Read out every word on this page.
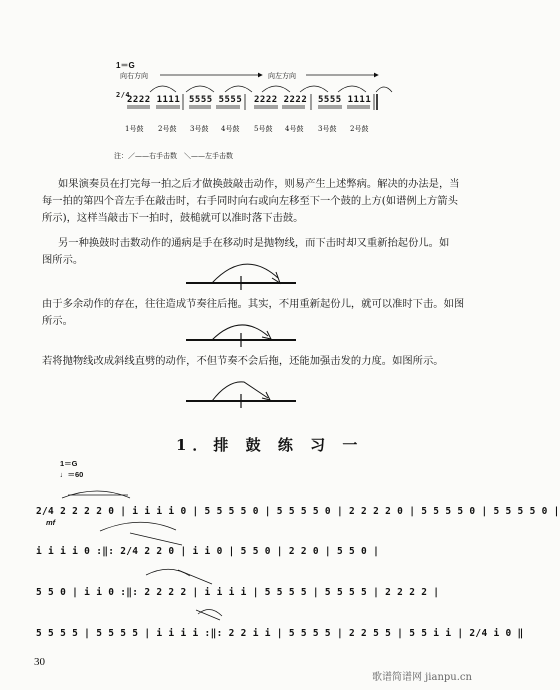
1＝G
向右方向	向左方向
2/4
2222 1111 5555 5555 2222 2222 5555 1111
1号鼓 2号鼓 3号鼓 4号鼓 5号鼓 4号鼓 3号鼓 2号鼓
注：／——右手击数　＼——左手击数
如果演奏员在打完每一拍之后才做换鼓敲击动作，则易产生上述弊病。解决的办法是，当
每一拍的第四个音左手在敲击时，右手同时向右或向左移至下一个鼓的上方(如谱例上方箭头
所示)，这样当敲击下一拍时，鼓槌就可以准时落下击鼓。
另一种换鼓时击数动作的通病是手在移动时是抛物线，而下击时却又重新抬起份儿。如
图所示。
由于多余动作的存在，往往造成节奏往后拖。其实，不用重新起份儿，就可以准时下击。如图
所示。
若将抛物线改成斜线直劈的动作，不但节奏不会后拖，还能加强击发的力度。如图所示。
1．排 鼓 练 习 一
1＝G
♩＝60
2/4 2 2 2 2 0 | i i i i 0 | 5 5 5 5 0 | 5 5 5 5 0 | 2 2 2 2 0 | 5 5 5 5 0 | 5 5 5 5 0 |
mf
i i i i 0 :‖: 2/4 2 2 0 | i i 0 | 5 5 0 | 2 2 0 | 5 5 0 |
5 5 0 | i i 0 :‖: 2 2 2 2 | i i i i | 5 5 5 5 | 5 5 5 5 | 2 2 2 2 |
5 5 5 5 | 5 5 5 5 | i i i i :‖: 2 2 i i | 5 5 5 5 | 2 2 5 5 | 5 5 i i | 2/4 i 0 ‖
30
歌谱简谱网 jianpu.cn
